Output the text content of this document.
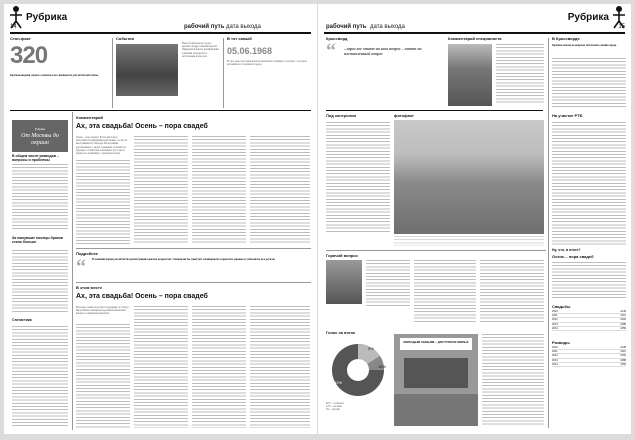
Рубрика
14	рабочий путь дата выхода
Стоп-факт
320
Краткая вводная строка о событии и его значимости для читателей газеты.
События
Новости региона и города: краткая сводка событий недели. Приводятся факты, комментарии и мнения экспертов по актуальным вопросам.
В тот самый
05.06.1968
В этот день в истории региона произошло памятное событие, о котором вспоминают старожилы города.
Рубрика
От Москвы до окраин
В общем числе разводов – вопросы и проблемы
За минувшие месяцы браков стало больше
Статистика
Комментарий
Ах, эта свадьба! Осень – пора свадеб
Осень – пора свадеб. В эти дни город наполняется нарядными кортежами, а в загсах выстраиваются очереди. Молодожёны рассказывают о своих традициях и планах на будущее. Статистика показывает рост числа браков по сравнению с прошлым годом.
Подробнее
“ В осенний период количество регистраций заметно возрастает. Специалисты советуют планировать торжество заранее и учитывать все детали.
В этом месте
Ах, эта свадьба! Осень – пора свадеб
Молодые семьи получают поддержку от города. Программы помощи молодожёнам включают жильё и социальные выплаты.
Рубрика
15
рабочий путь дата выхода
Кроссворд
“ ...взрослое ответ на ваш вопрос – ответ на поставленный вопрос
Комментарий специалиста	В Кроссворде
Краткие ответы на вопросы читателей о жизни города.
Под контролем	фотофакт	На участке РТБ
Ну, что, в итоге?
Осень – пора свадеб
Свадьбы
2010	1245
2011	1310
2012	1402
2013	1388
2014	1456
Разводы
2010	1245
2011	1310
2012	1402
2013	1388
2014	1456
Горячий вопрос
Голос за поток
5%
18%
62%
82% – согласны
12% – не знаю
6% – против
МОЛОДЫМ СЕМЬЯМ – ДОСТУПНОЕ ЖИЛЬЁ
